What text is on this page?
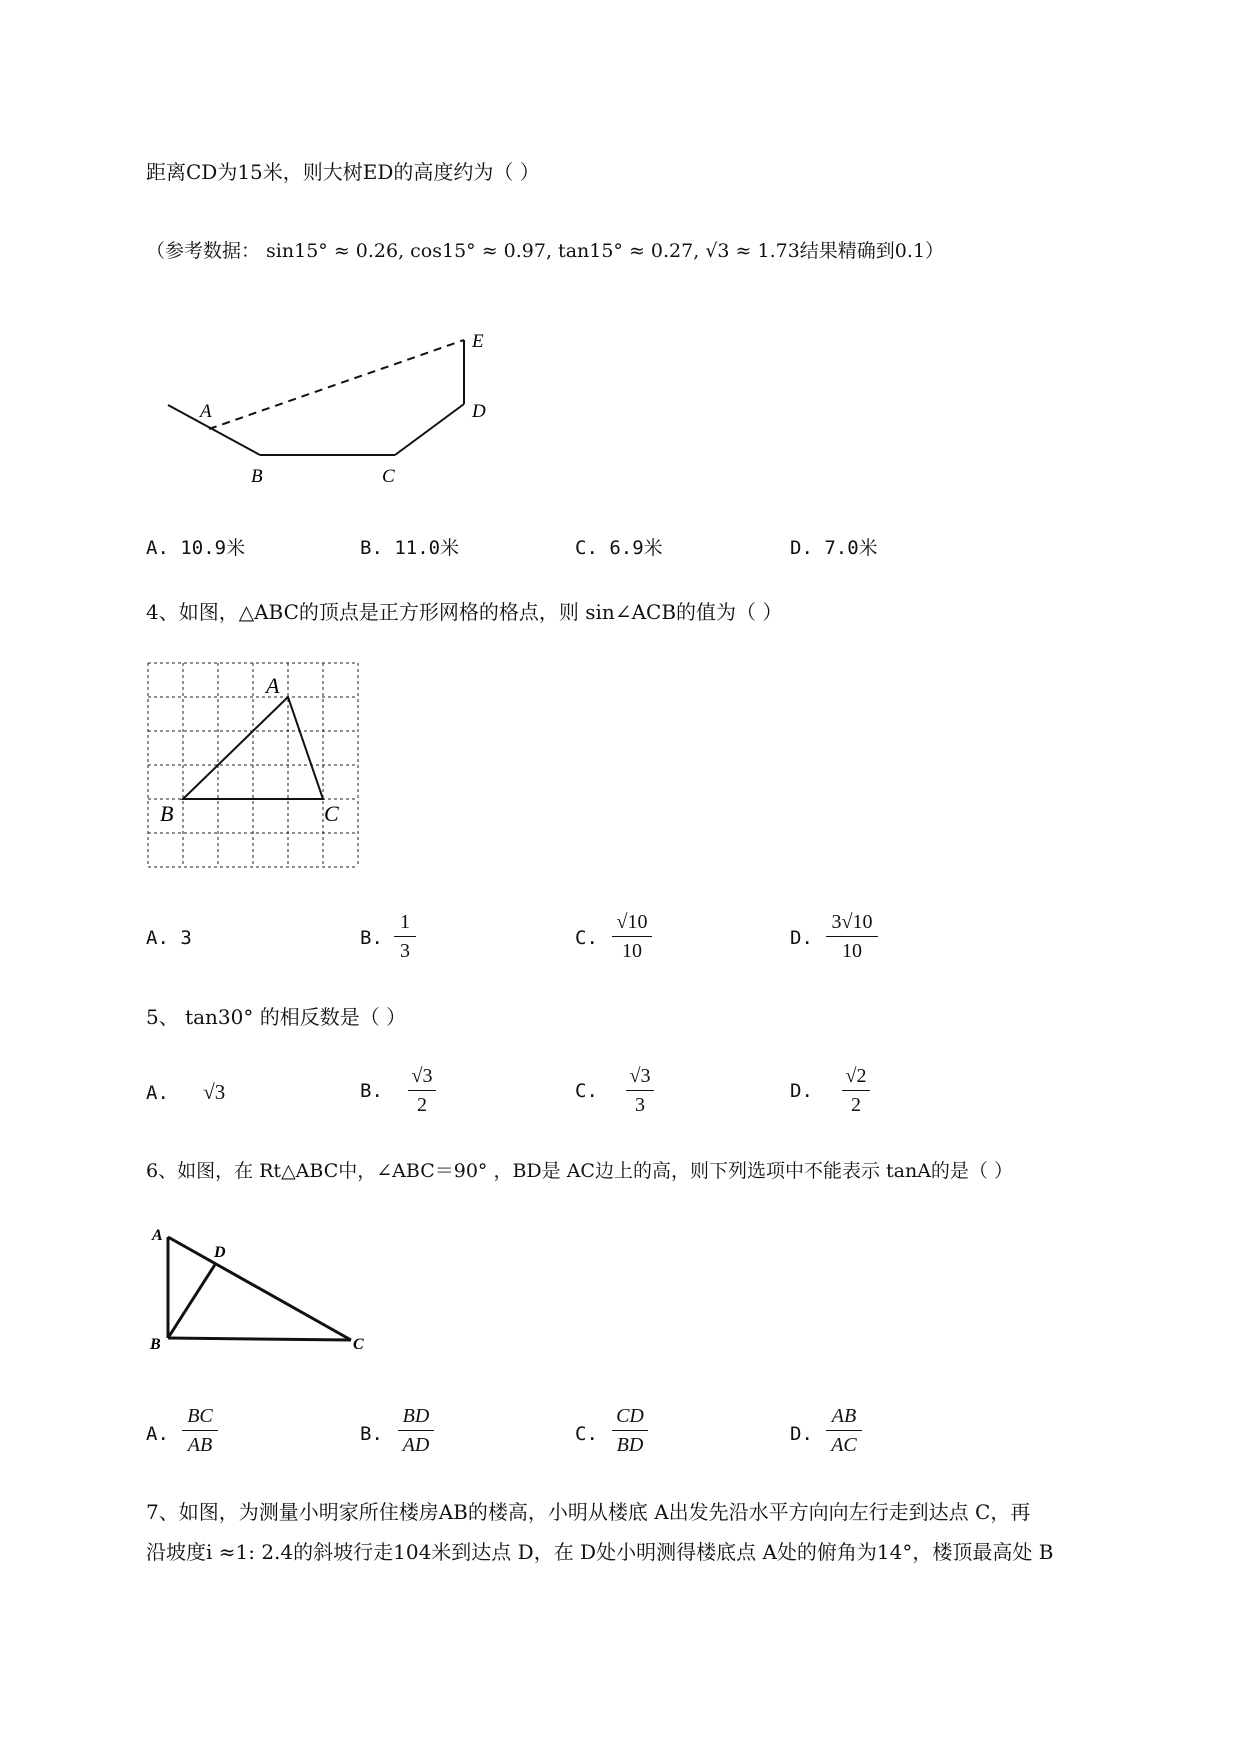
距离CD为15米，则大树ED的高度约为（ ）
（参考数据： sin15° ≈ 0.26, cos15° ≈ 0.97, tan15° ≈ 0.27, √3 ≈ 1.73结果精确到0.1）
A
B	C
D
E
A. 10.9米	B. 11.0米	C. 6.9米	D. 7.0米
4、如图，△ABC的顶点是正方形网格的格点，则 sin∠ACB的值为（ ）
A
B	C
A. 3	B.
1
3
C.
√10
10
D.
3√10
10
5、 tan30° 的相反数是（ ）
A. √3	B.
√3
2
C.
√3
3
D.
√2
2
6、如图，在 Rt△ABC中，∠ABC＝90° ，BD是 AC边上的高，则下列选项中不能表示 tanA的是（ ）
A
D
B	C
A.
BC
AB	B.
BD
AD	C.
CD
BD	D.
AB
AC
7、如图，为测量小明家所住楼房AB的楼高，小明从楼底 A出发先沿水平方向向左行走到达点 C，再
沿坡度i ≈1: 2.4的斜坡行走104米到达点 D，在 D处小明测得楼底点 A处的俯角为14°，楼顶最高处 B
